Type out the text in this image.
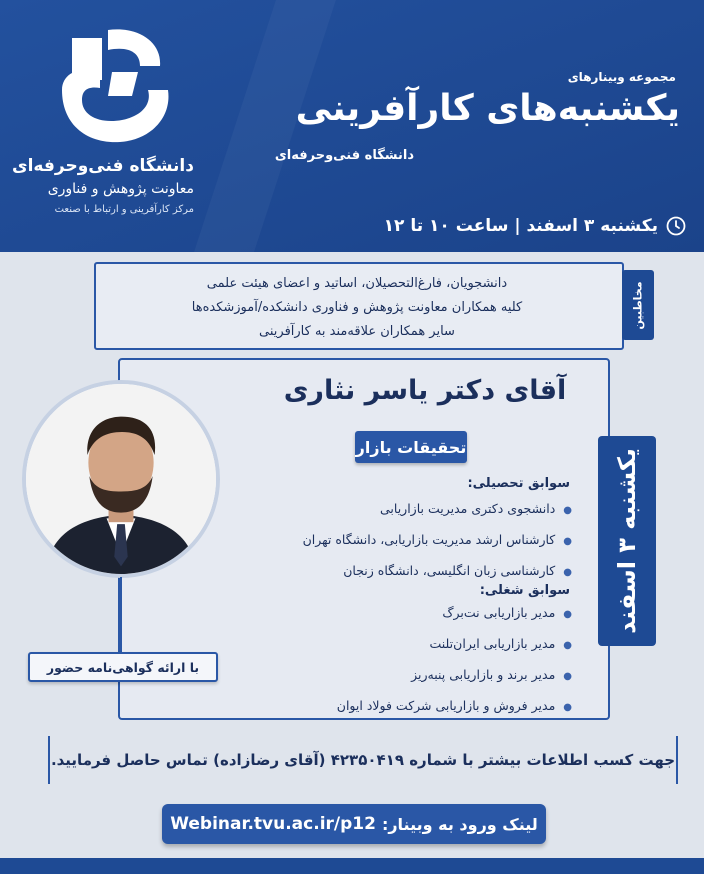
دانشگاه فنی‌وحرفه‌ای
معاونت پژوهش و فناوری
مرکز کارآفرینی و ارتباط با صنعت
مجموعه وبینارهای
یکشنبه‌های کارآفرینی
دانشگاه فنی‌وحرفه‌ای
یکشنبه ۳ اسفند | ساعت ۱۰ تا ۱۲
دانشجویان، فارغ‌التحصیلان، اساتید و اعضای هیئت علمی
کلیه همکاران معاونت پژوهش و فناوری دانشکده/آموزشکده‌ها
سایر همکاران علاقه‌مند به کارآفرینی
مخاطبین
آقای دکتر یاسر نثاری
تحقیقات بازار
یکشنبه ۳ اسفند
سوابق تحصیلی:
● دانشجوی دکتری مدیریت بازاریابی
● کارشناس ارشد مدیریت بازاریابی، دانشگاه تهران
● کارشناسی زبان انگلیسی، دانشگاه زنجان
سوابق شغلی:
● مدیر بازاریابی نت‌برگ
● مدیر بازاریابی ایران‌تلنت
● مدیر برند و بازاریابی پنبه‌ریز
● مدیر فروش و بازاریابی شرکت فولاد ایوان
با ارائه گواهی‌نامه حضور
جهت کسب اطلاعات بیشتر با شماره ۴۲۳۵۰۴۱۹ (آقای رضازاده) تماس حاصل فرمایید.
لینک ورود به وبینار:
Webinar.tvu.ac.ir/p12
